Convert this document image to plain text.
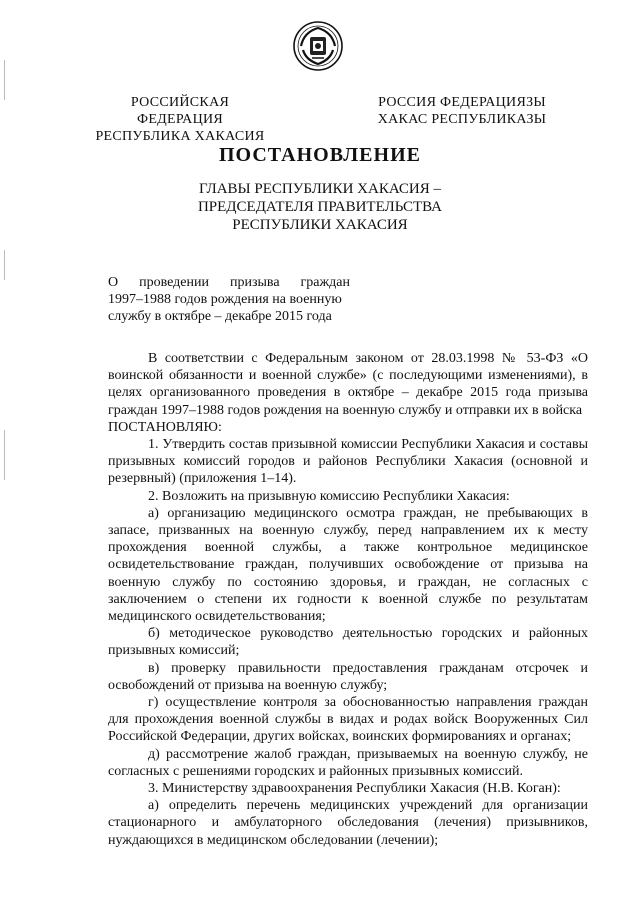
РОССИЙСКАЯ ФЕДЕРАЦИЯ
РЕСПУБЛИКА ХАКАСИЯ
РОССИЯ ФЕДЕРАЦИЯЗЫ
ХАКАС РЕСПУБЛИКАЗЫ
ПОСТАНОВЛЕНИЕ
ГЛАВЫ РЕСПУБЛИКИ ХАКАСИЯ –
ПРЕДСЕДАТЕЛЯ ПРАВИТЕЛЬСТВА
РЕСПУБЛИКИ ХАКАСИЯ
О проведении призыва граждан
1997–1988 годов рождения на военную
службу в октябре – декабре 2015 года

В соответствии с Федеральным законом от 28.03.1998 № 53-ФЗ «О воинской обязанности и военной службе» (с последующими изменениями), в целях организованного проведения в октябре – декабре 2015 года призыва граждан 1997–1988 годов рождения на военную службу и отправки их в войска

ПОСТАНОВЛЯЮ:

1. Утвердить состав призывной комиссии Республики Хакасия и составы призывных комиссий городов и районов Республики Хакасия (основной и резервный) (приложения 1–14).

2. Возложить на призывную комиссию Республики Хакасия:

а) организацию медицинского осмотра граждан, не пребывающих в запасе, призванных на военную службу, перед направлением их к месту прохождения военной службы, а также контрольное медицинское освидетельствование граждан, получивших освобождение от призыва на военную службу по состоянию здоровья, и граждан, не согласных с заключением о степени их годности к военной службе по результатам медицинского освидетельствования;

б) методическое руководство деятельностью городских и районных призывных комиссий;

в) проверку правильности предоставления гражданам отсрочек и освобождений от призыва на военную службу;

г) осуществление контроля за обоснованностью направления граждан для прохождения военной службы в видах и родах войск Вооруженных Сил Российской Федерации, других войсках, воинских формированиях и органах;

д) рассмотрение жалоб граждан, призываемых на военную службу, не согласных с решениями городских и районных призывных комиссий.

3. Министерству здравоохранения Республики Хакасия (Н.В. Коган):

а) определить перечень медицинских учреждений для организации стационарного и амбулаторного обследования (лечения) призывников, нуждающихся в медицинском обследовании (лечении);
